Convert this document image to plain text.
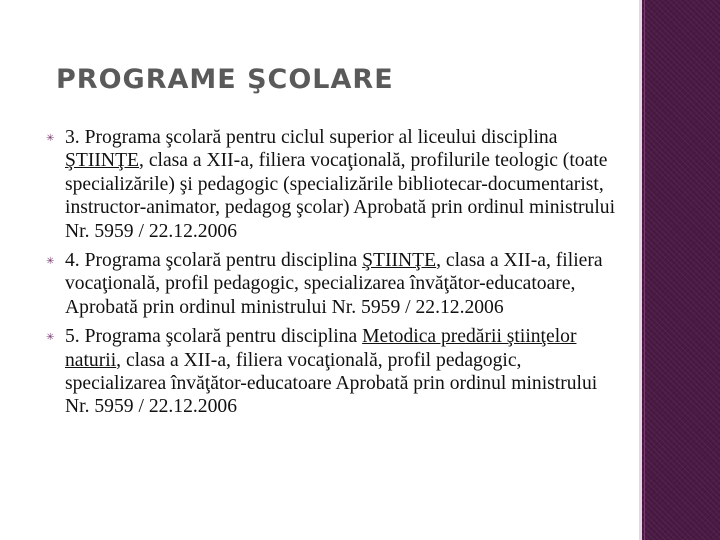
PROGRAME ŞCOLARE
✳ 3. Programa şcolară pentru ciclul superior al liceului disciplina ŞTIINŢE, clasa a XII-a, filiera vocaţională, profilurile teologic (toate specializările) şi pedagogic (specializările bibliotecar-documentarist, instructor-animator, pedagog şcolar) Aprobată prin ordinul ministrului Nr. 5959 / 22.12.2006
✳ 4. Programa şcolară pentru disciplina ŞTIINŢE, clasa a XII-a, filiera vocaţională, profil pedagogic, specializarea învăţător-educatoare, Aprobată prin ordinul ministrului Nr. 5959 / 22.12.2006
✳ 5. Programa şcolară pentru disciplina Metodica predării ştiinţelor naturii, clasa a XII-a, filiera vocaţională, profil pedagogic, specializarea învăţător-educatoare Aprobată prin ordinul ministrului Nr. 5959 / 22.12.2006
